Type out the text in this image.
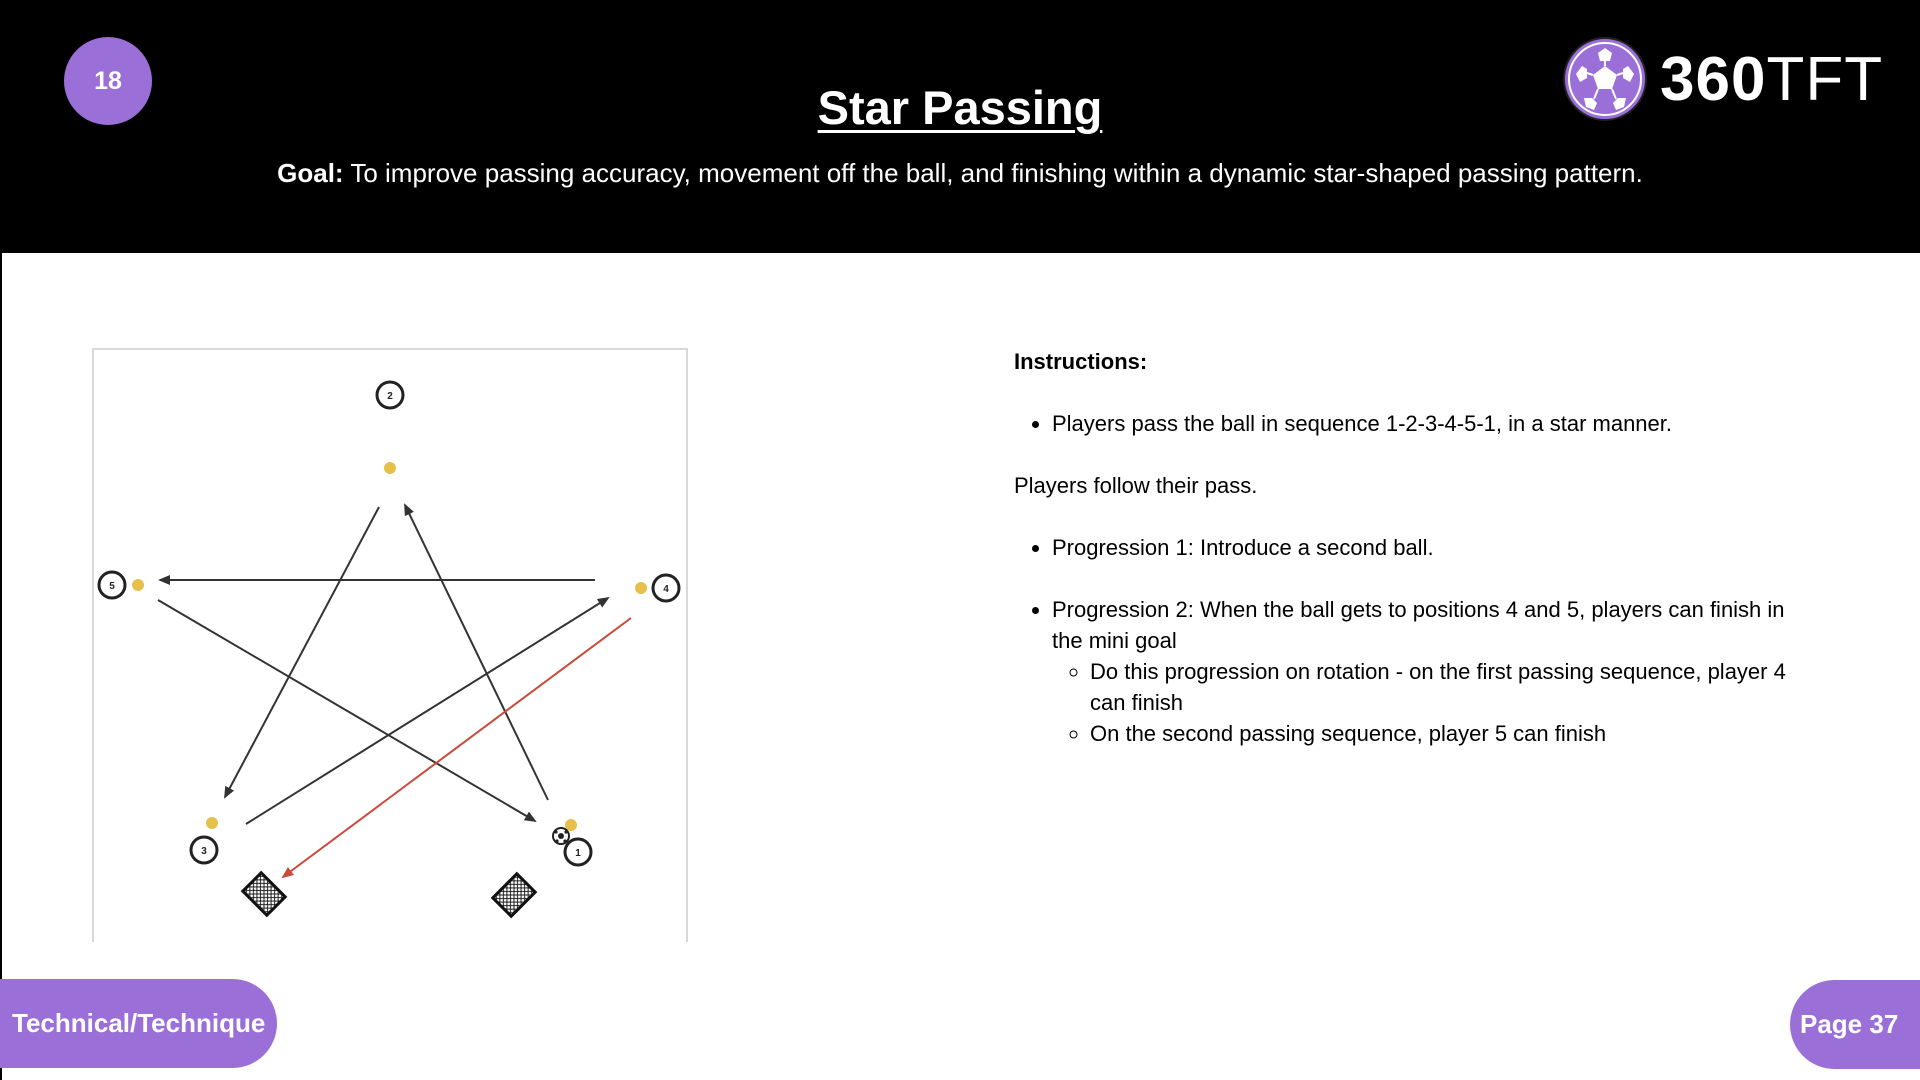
18
Star Passing
Goal: To improve passing accuracy, movement off the ball, and finishing within a dynamic star-shaped passing pattern.
360TFT
2
5	4
3	1
Instructions:
• Players pass the ball in sequence 1-2-3-4-5-1, in a star manner.

Players follow their pass.

• Progression 1: Introduce a second ball.
• Progression 2: When the ball gets to positions 4 and 5, players can finish in the mini goal
◦ Do this progression on rotation - on the first passing sequence, player 4 can finish
◦ On the second passing sequence, player 5 can finish
Technical/Technique	Page 37
